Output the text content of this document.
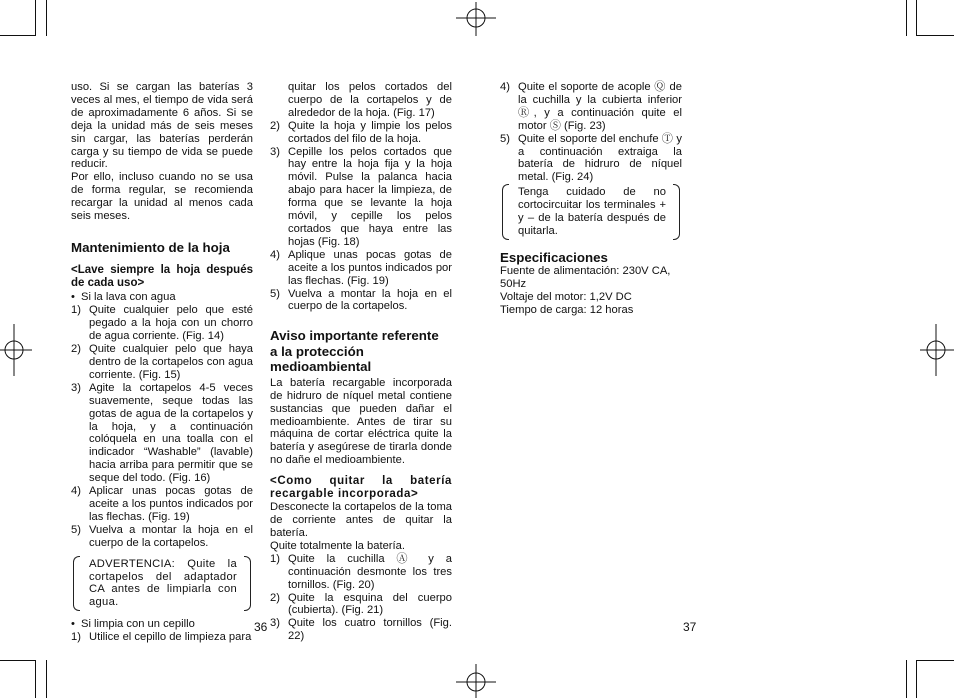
uso. Si se cargan las baterías 3 veces al mes, el tiempo de vida será de aproximadamente 6 años. Si se deja la unidad más de seis meses sin cargar, las baterías perderán carga y su tiempo de vida se puede reducir.

Por ello, incluso cuando no se usa de forma regular, se recomienda recargar la unidad al menos cada seis meses.

Mantenimiento de la hoja
<Lave siempre la hoja después de cada uso>
• Si la lava con agua
1) Quite cualquier pelo que esté pegado a la hoja con un chorro de agua corriente. (Fig. 14)
2) Quite cualquier pelo que haya dentro de la cortapelos con agua corriente. (Fig. 15)
3) Agite la cortapelos 4-5 veces suavemente, seque todas las gotas de agua de la cortapelos y la hoja, y a continuación colóquela en una toalla con el indicador “Washable” (lavable) hacia arriba para permitir que se seque del todo. (Fig. 16)
4) Aplicar unas pocas gotas de aceite a los puntos indicados por las flechas. (Fig. 19)
5) Vuelva a montar la hoja en el cuerpo de la cortapelos.
ADVERTENCIA: Quite la cortapelos del adaptador CA antes de limpiarla con agua.
• Si limpia con un cepillo
1) Utilice el cepillo de limpieza para
36

quitar los pelos cortados del cuerpo de la cortapelos y de alrededor de la hoja. (Fig. 17)

2) Quite la hoja y limpie los pelos cortados del filo de la hoja.
3) Cepille los pelos cortados que hay entre la hoja fija y la hoja móvil. Pulse la palanca hacia abajo para hacer la limpieza, de forma que se levante la hoja móvil, y cepille los pelos cortados que haya entre las hojas (Fig. 18)
4) Aplique unas pocas gotas de aceite a los puntos indicados por las flechas. (Fig. 19)
5) Vuelva a montar la hoja en el cuerpo de la cortapelos.
Aviso importante referente a la protección medioambiental

La batería recargable incorporada de hidruro de níquel metal contiene sustancias que pueden dañar el medioambiente. Antes de tirar su máquina de cortar eléctrica quite la batería y asegúrese de tirarla donde no dañe el medioambiente.

<Como quitar la batería recargable incorporada>

Desconecte la cortapelos de la toma de corriente antes de quitar la batería.

Quite totalmente la batería.

1) Quite la cuchilla Ⓐ y a continuación desmonte los tres tornillos. (Fig. 20)
2) Quite la esquina del cuerpo (cubierta). (Fig. 21)
3) Quite los cuatro tornillos (Fig. 22)
4) Quite el soporte de acople Ⓠ de la cuchilla y la cubierta inferior Ⓡ, y a continuación quite el motor Ⓢ (Fig. 23)
5) Quite el soporte del enchufe Ⓣ y a continuación extraiga la batería de hidruro de níquel metal. (Fig. 24)
Tenga cuidado de no cortocircuitar los terminales + y – de la batería después de quitarla.
Especificaciones
Fuente de alimentación: 230V CA, 50Hz
Voltaje del motor: 1,2V DC
Tiempo de carga: 12 horas
37
